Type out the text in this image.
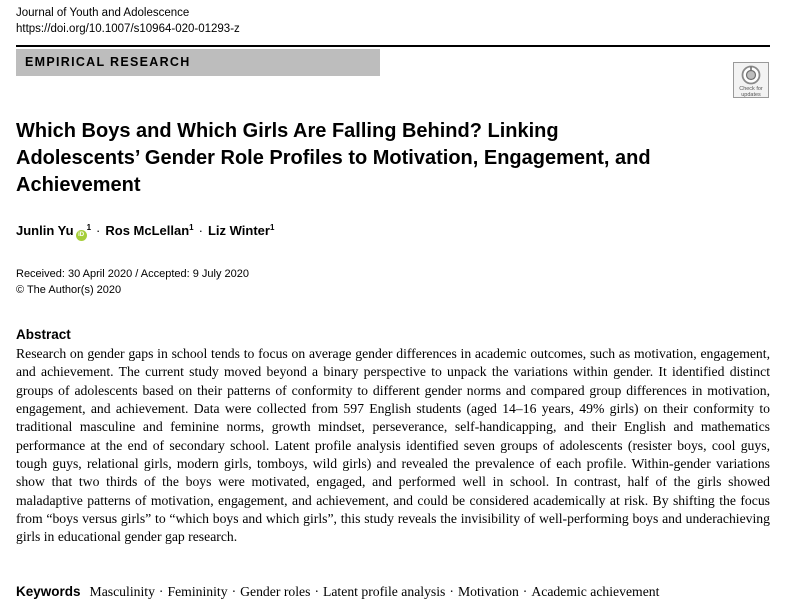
Journal of Youth and Adolescence
https://doi.org/10.1007/s10964-020-01293-z
EMPIRICAL RESEARCH
Check for
updates
Which Boys and Which Girls Are Falling Behind? Linking
Adolescents’ Gender Role Profiles to Motivation, Engagement, and
Achievement
Junlin Yu $iD^1$ · Ros McLellan$^1$ · Liz Winter$^1$
Received: 30 April 2020 / Accepted: 9 July 2020
© The Author(s) 2020
Abstract
Research on gender gaps in school tends to focus on average gender differences in academic outcomes, such as motivation, engagement, and achievement. The current study moved beyond a binary perspective to unpack the variations within gender. It identified distinct groups of adolescents based on their patterns of conformity to different gender norms and compared group differences in motivation, engagement, and achievement. Data were collected from 597 English students (aged 14–16 years, 49% girls) on their conformity to traditional masculine and feminine norms, growth mindset, perseverance, self-handicapping, and their English and mathematics performance at the end of secondary school. Latent profile analysis identified seven groups of adolescents (resister boys, cool guys, tough guys, relational girls, modern girls, tomboys, wild girls) and revealed the prevalence of each profile. Within-gender variations show that two thirds of the boys were motivated, engaged, and performed well in school. In contrast, half of the girls showed maladaptive patterns of motivation, engagement, and achievement, and could be considered academically at risk. By shifting the focus from “boys versus girls” to “which boys and which girls”, this study reveals the invisibility of well-performing boys and underachieving girls in educational gender gap research.
Keywords Masculinity · Femininity · Gender roles · Latent profile analysis · Motivation · Academic achievement
